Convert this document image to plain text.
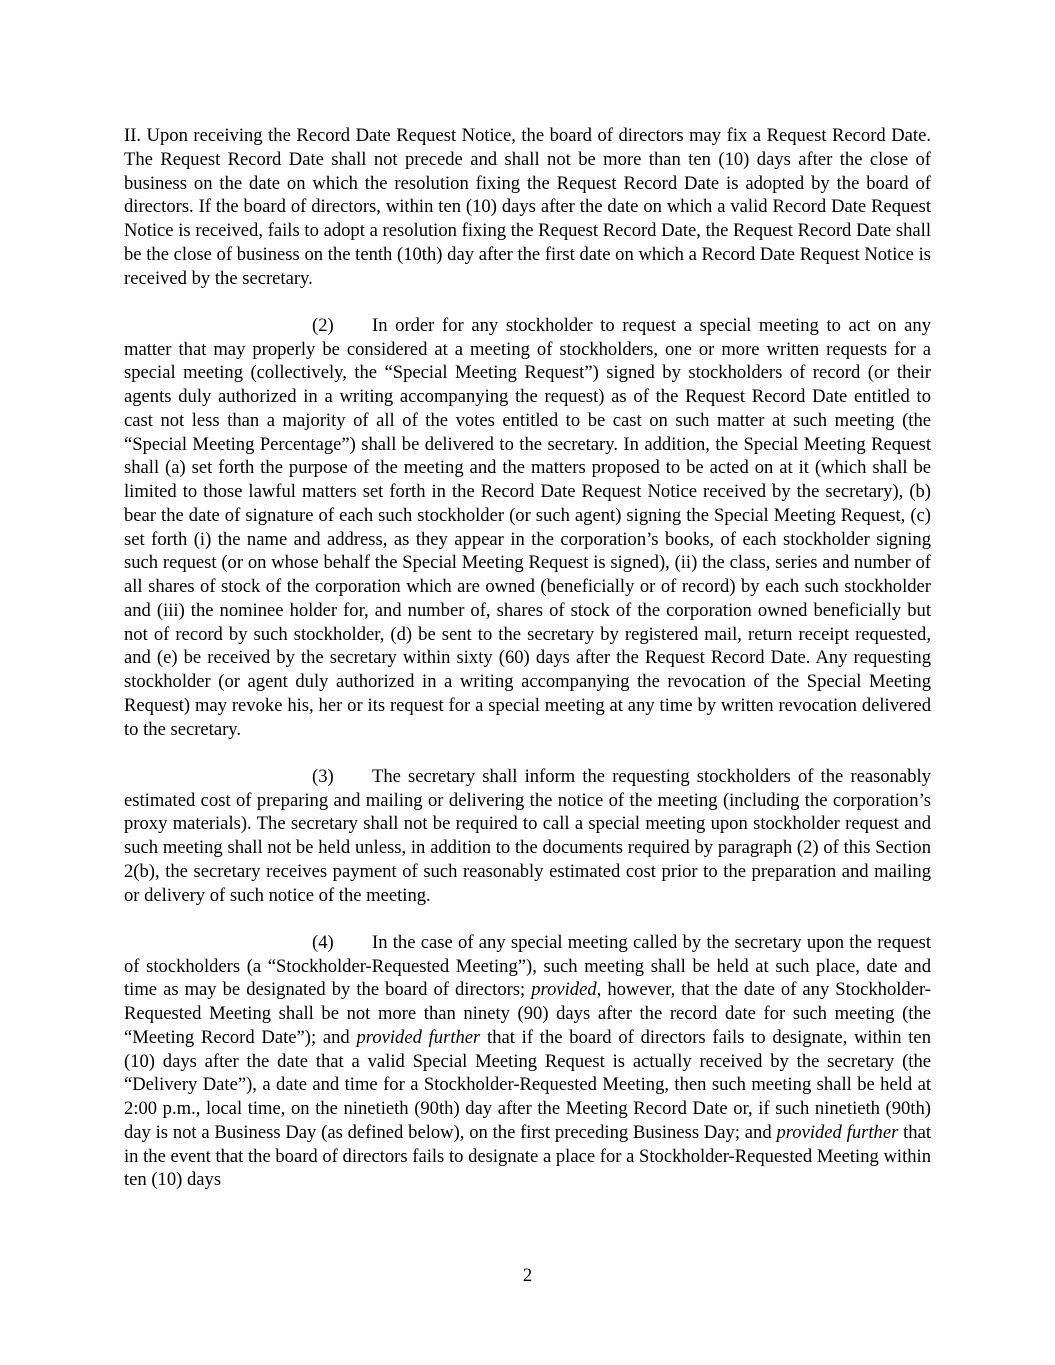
II. Upon receiving the Record Date Request Notice, the board of directors may fix a Request Record Date. The Request Record Date shall not precede and shall not be more than ten (10) days after the close of business on the date on which the resolution fixing the Request Record Date is adopted by the board of directors. If the board of directors, within ten (10) days after the date on which a valid Record Date Request Notice is received, fails to adopt a resolution fixing the Request Record Date, the Request Record Date shall be the close of business on the tenth (10th) day after the first date on which a Record Date Request Notice is received by the secretary.

(2) In order for any stockholder to request a special meeting to act on any matter that may properly be considered at a meeting of stockholders, one or more written requests for a special meeting (collectively, the “Special Meeting Request”) signed by stockholders of record (or their agents duly authorized in a writing accompanying the request) as of the Request Record Date entitled to cast not less than a majority of all of the votes entitled to be cast on such matter at such meeting (the “Special Meeting Percentage”) shall be delivered to the secretary. In addition, the Special Meeting Request shall (a) set forth the purpose of the meeting and the matters proposed to be acted on at it (which shall be limited to those lawful matters set forth in the Record Date Request Notice received by the secretary), (b) bear the date of signature of each such stockholder (or such agent) signing the Special Meeting Request, (c) set forth (i) the name and address, as they appear in the corporation’s books, of each stockholder signing such request (or on whose behalf the Special Meeting Request is signed), (ii) the class, series and number of all shares of stock of the corporation which are owned (beneficially or of record) by each such stockholder and (iii) the nominee holder for, and number of, shares of stock of the corporation owned beneficially but not of record by such stockholder, (d) be sent to the secretary by registered mail, return receipt requested, and (e) be received by the secretary within sixty (60) days after the Request Record Date. Any requesting stockholder (or agent duly authorized in a writing accompanying the revocation of the Special Meeting Request) may revoke his, her or its request for a special meeting at any time by written revocation delivered to the secretary.

(3) The secretary shall inform the requesting stockholders of the reasonably estimated cost of preparing and mailing or delivering the notice of the meeting (including the corporation’s proxy materials). The secretary shall not be required to call a special meeting upon stockholder request and such meeting shall not be held unless, in addition to the documents required by paragraph (2) of this Section 2(b), the secretary receives payment of such reasonably estimated cost prior to the preparation and mailing or delivery of such notice of the meeting.

(4) In the case of any special meeting called by the secretary upon the request of stockholders (a “Stockholder-Requested Meeting”), such meeting shall be held at such place, date and time as may be designated by the board of directors; provided, however, that the date of any Stockholder-Requested Meeting shall be not more than ninety (90) days after the record date for such meeting (the “Meeting Record Date”); and provided further that if the board of directors fails to designate, within ten (10) days after the date that a valid Special Meeting Request is actually received by the secretary (the “Delivery Date”), a date and time for a Stockholder-Requested Meeting, then such meeting shall be held at 2:00 p.m., local time, on the ninetieth (90th) day after the Meeting Record Date or, if such ninetieth (90th) day is not a Business Day (as defined below), on the first preceding Business Day; and provided further that in the event that the board of directors fails to designate a place for a Stockholder-Requested Meeting within ten (10) days

2
